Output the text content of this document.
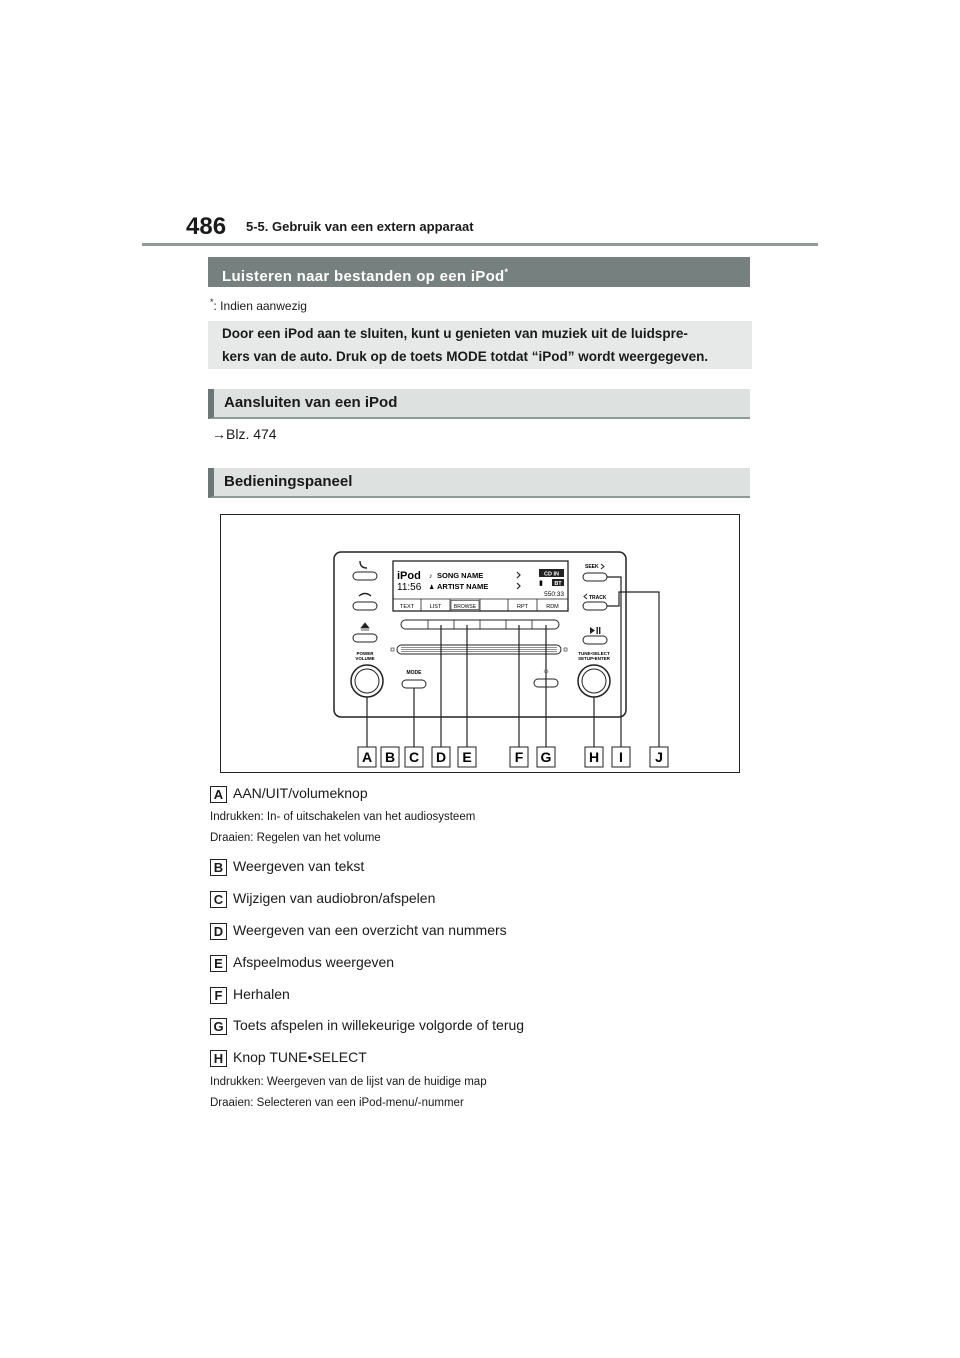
486 5-5. Gebruik van een extern apparaat
Luisteren naar bestanden op een iPod*
*: Indien aanwezig
Door een iPod aan te sluiten, kunt u genieten van muziek uit de luidspre-
kers van de auto. Druk op de toets MODE totdat “iPod” wordt weergegeven.
Aansluiten van een iPod
→Blz. 474
Bedieningspaneel
POWER
VOLUME
iPod
11:56
♪ SONG NAME
♟ ARTIST NAME
CD IN
▮ BT
550:33
TEXT	LIST	BROWSE	RPT	RDM
MODE	☼
SEEK
TRACK
TUNE•SELECT
SETUP•ENTER
A B C D E	F G	H I J
A AAN/UIT/volumeknop
Indrukken: In- of uitschakelen van het audiosysteem
Draaien: Regelen van het volume
B Weergeven van tekst
C Wijzigen van audiobron/afspelen
D Weergeven van een overzicht van nummers
E Afspeelmodus weergeven
F Herhalen
G Toets afspelen in willekeurige volgorde of terug
H Knop TUNE•SELECT
Indrukken: Weergeven van de lijst van de huidige map
Draaien: Selecteren van een iPod-menu/-nummer
